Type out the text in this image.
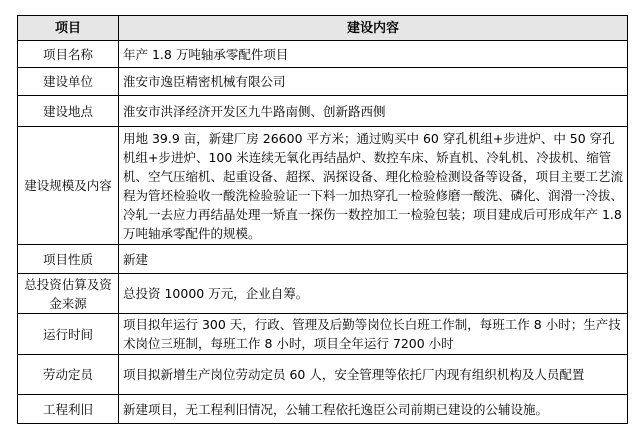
项目	建设内容
项目名称	年产 1.8 万吨轴承零配件项目
建设单位	淮安市逸臣精密机械有限公司
建设地点	淮安市洪泽经济开发区九牛路南侧、创新路西侧
建设规模及内容	用地 39.9 亩，新建厂房 26600 平方米；通过购买中 60 穿孔机组+步进炉、中 50 穿孔机组+步进炉、100 米连续无氧化再结晶炉、数控车床、矫直机、冷轧机、冷拔机、缩管机、空气压缩机、起重设备、超探、涡探设备、理化检验检测设备等设备，项目主要工艺流程为管坯检验收一酸洗检验验证一下料一加热穿孔一检验修磨一酸洗、磷化、润滑一冷拔、冷轧一去应力再结晶处理一矫直一探伤一数控加工一检验包装；项目建成后可形成年产 1.8 万吨轴承零配件的规模。
项目性质	新建
总投资估算及资金来源	总投资 10000 万元，企业自筹。
运行时间	项目拟年运行 300 天，行政、管理及后勤等岗位长白班工作制，每班工作 8 小时；生产技术岗位三班制，每班工作 8 小时，项目全年运行 7200 小时
劳动定员	项目拟新增生产岗位劳动定员 60 人，安全管理等依托厂内现有组织机构及人员配置
工程利旧	新建项目，无工程利旧情况，公辅工程依托逸臣公司前期已建设的公辅设施。
